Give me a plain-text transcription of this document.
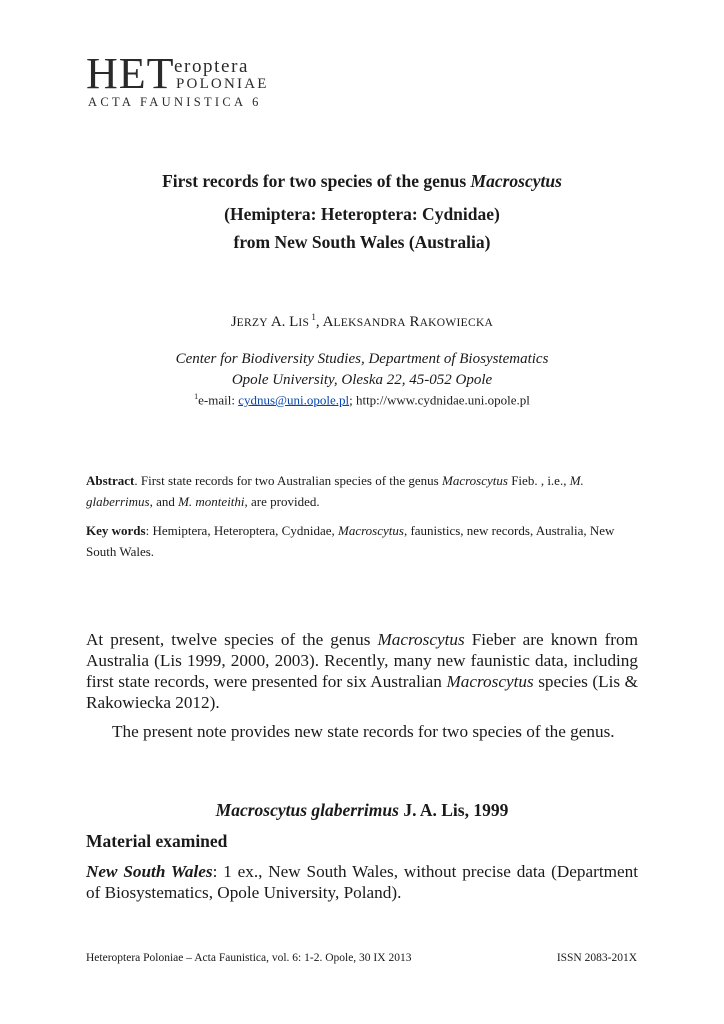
HET eroptera
POLONIAE
ACTA FAUNISTICA 6
First records for two species of the genus Macroscytus
(Hemiptera: Heteroptera: Cydnidae)
from New South Wales (Australia)
JERZY A. LIS $^1$, ALEKSANDRA RAKOWIECKA
Center for Biodiversity Studies, Department of Biosystematics
Opole University, Oleska 22, 45-052 Opole
$^1$e-mail: cydnus@uni.opole.pl; http://www.cydnidae.uni.opole.pl
Abstract. First state records for two Australian species of the genus Macroscytus Fieb. , i.e., M. glaberrimus, and M. monteithi, are provided.
Key words: Hemiptera, Heteroptera, Cydnidae, Macroscytus, faunistics, new records, Australia, New South Wales.
At present, twelve species of the genus Macroscytus Fieber are known from Australia (Lis 1999, 2000, 2003). Recently, many new faunistic data, including first state records, were presented for six Australian Macroscytus species (Lis & Rakowiecka 2012).
The present note provides new state records for two species of the genus.
Macroscytus glaberrimus J. A. Lis, 1999
Material examined
New South Wales: 1 ex., New South Wales, without precise data (Department of Biosystematics, Opole University, Poland).
Heteroptera Poloniae – Acta Faunistica, vol. 6: 1-2. Opole, 30 IX 2013	ISSN 2083-201X
